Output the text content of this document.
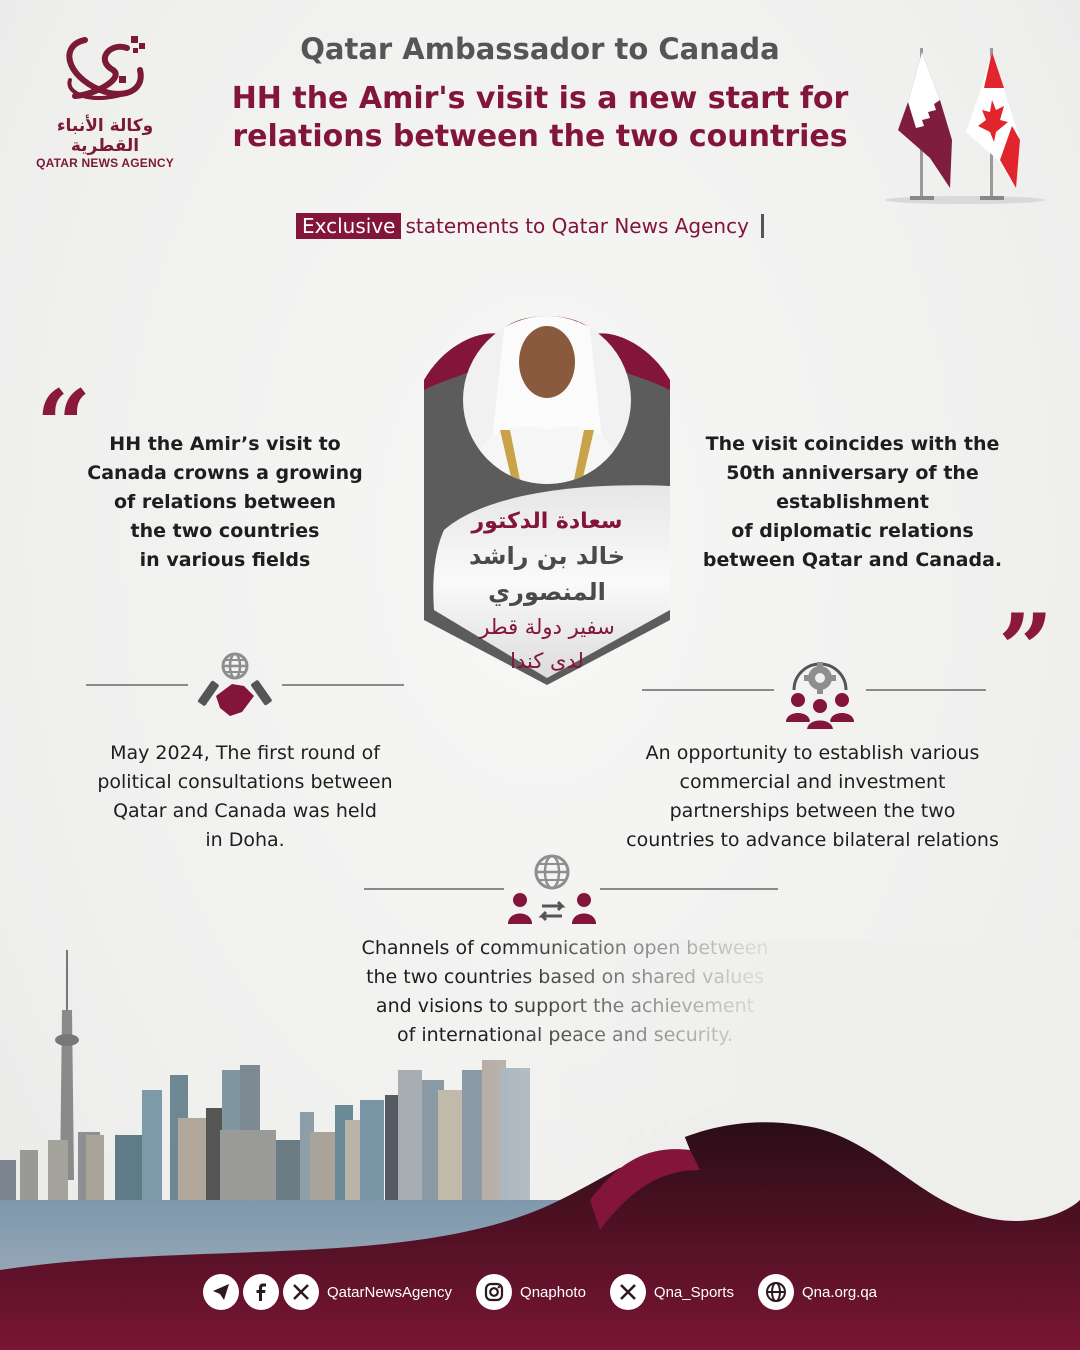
وكالة الأنباء القطرية
QATAR NEWS AGENCY
Qatar Ambassador to Canada
HH the Amir's visit is a new start for
relations between the two countries
Exclusive statements to Qatar News Agency
“
”
سعادة الدكتور
خالد بن راشد المنصوري
سفير دولة قطر
لدى كندا
HH the Amir’s visit to
Canada crowns a growing
of relations between
the two countries
in various fields
The visit coincides with the
50th anniversary of the
establishment
of diplomatic relations
between Qatar and Canada.
May 2024, The first round of
political consultations between
Qatar and Canada was held
in Doha.
An opportunity to establish various
commercial and investment
partnerships between the two
countries to advance bilateral relations
QatarNewsAgency	Qnaphoto	Qna_Sports	Qna.org.qa
